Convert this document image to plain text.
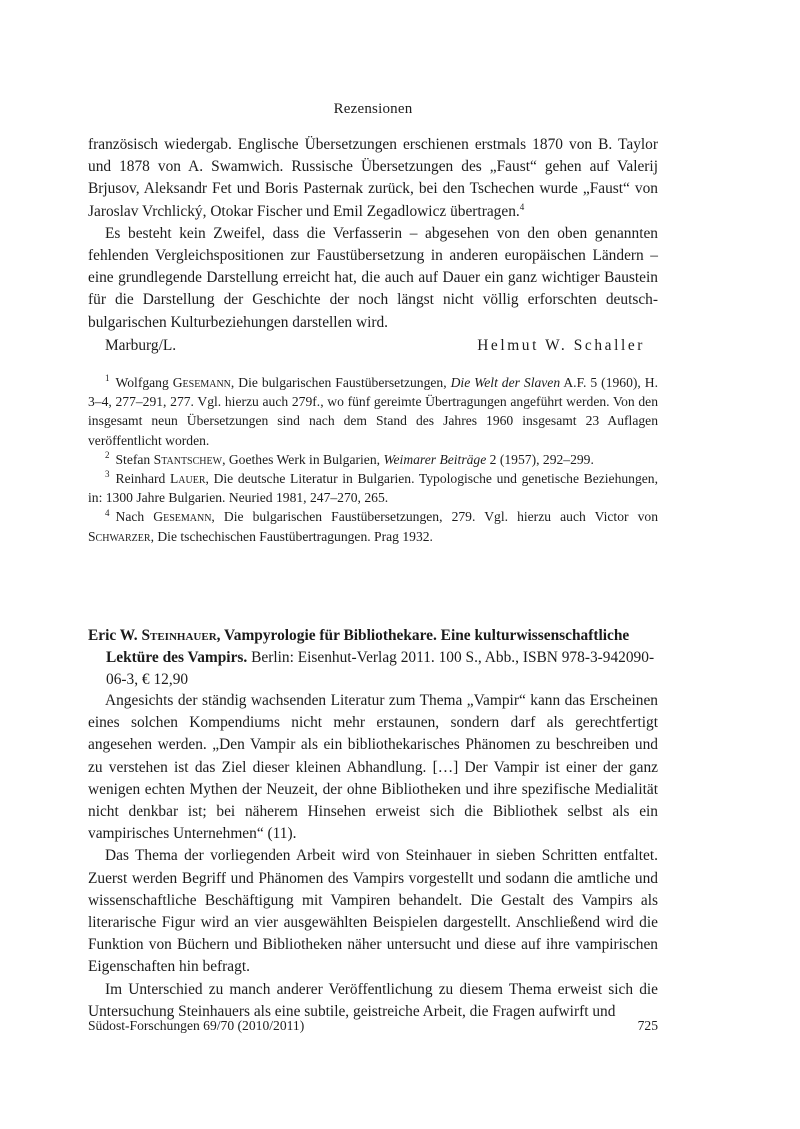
Rezensionen

französisch wiedergab. Englische Übersetzungen erschienen erstmals 1870 von B. Taylor und 1878 von A. Swamwich. Russische Übersetzungen des „Faust“ gehen auf Valerij Brjusov, Aleksandr Fet und Boris Pasternak zurück, bei den Tschechen wurde „Faust“ von Jaroslav Vrchlický, Otokar Fischer und Emil Zegadlowicz übertragen.$^4$

Es besteht kein Zweifel, dass die Verfasserin – abgesehen von den oben genannten fehlenden Vergleichspositionen zur Faustübersetzung in anderen europäischen Ländern – eine grundlegende Darstellung erreicht hat, die auch auf Dauer ein ganz wichtiger Baustein für die Darstellung der Geschichte der noch längst nicht völlig erforschten deutsch-bulgarischen Kulturbeziehungen darstellen wird.

Marburg/L.	Helmut W. Schaller

$^1$ Wolfgang Gesemann, Die bulgarischen Faustübersetzungen, Die Welt der Slaven A.F. 5 (1960), H. 3–4, 277–291, 277. Vgl. hierzu auch 279f., wo fünf gereimte Übertragungen angeführt werden. Von den insgesamt neun Übersetzungen sind nach dem Stand des Jahres 1960 insgesamt 23 Auflagen veröffentlicht worden.

$^2$ Stefan Stantschew, Goethes Werk in Bulgarien, Weimarer Beiträge 2 (1957), 292–299.

$^3$ Reinhard Lauer, Die deutsche Literatur in Bulgarien. Typologische und genetische Beziehungen, in: 1300 Jahre Bulgarien. Neuried 1981, 247–270, 265.

$^4$ Nach Gesemann, Die bulgarischen Faustübersetzungen, 279. Vgl. hierzu auch Victor von Schwarzer, Die tschechischen Faustübertragungen. Prag 1932.

Eric W. Steinhauer, Vampyrologie für Bibliothekare. Eine kulturwissenschaftliche Lektüre des Vampirs. Berlin: Eisenhut-Verlag 2011. 100 S., Abb., ISBN 978-3-942090-06-3, € 12,90

Angesichts der ständig wachsenden Literatur zum Thema „Vampir“ kann das Erscheinen eines solchen Kompendiums nicht mehr erstaunen, sondern darf als gerechtfertigt angesehen werden. „Den Vampir als ein bibliothekarisches Phänomen zu beschreiben und zu verstehen ist das Ziel dieser kleinen Abhandlung. […] Der Vampir ist einer der ganz wenigen echten Mythen der Neuzeit, der ohne Bibliotheken und ihre spezifische Medialität nicht denkbar ist; bei näherem Hinsehen erweist sich die Bibliothek selbst als ein vampirisches Unternehmen“ (11).

Das Thema der vorliegenden Arbeit wird von Steinhauer in sieben Schritten entfaltet. Zuerst werden Begriff und Phänomen des Vampirs vorgestellt und sodann die amtliche und wissenschaftliche Beschäftigung mit Vampiren behandelt. Die Gestalt des Vampirs als literarische Figur wird an vier ausgewählten Beispielen dargestellt. Anschließend wird die Funktion von Büchern und Bibliotheken näher untersucht und diese auf ihre vampirischen Eigenschaften hin befragt.

Im Unterschied zu manch anderer Veröffentlichung zu diesem Thema erweist sich die Untersuchung Steinhauers als eine subtile, geistreiche Arbeit, die Fragen aufwirft und

Südost-Forschungen 69/70 (2010/2011)	725
